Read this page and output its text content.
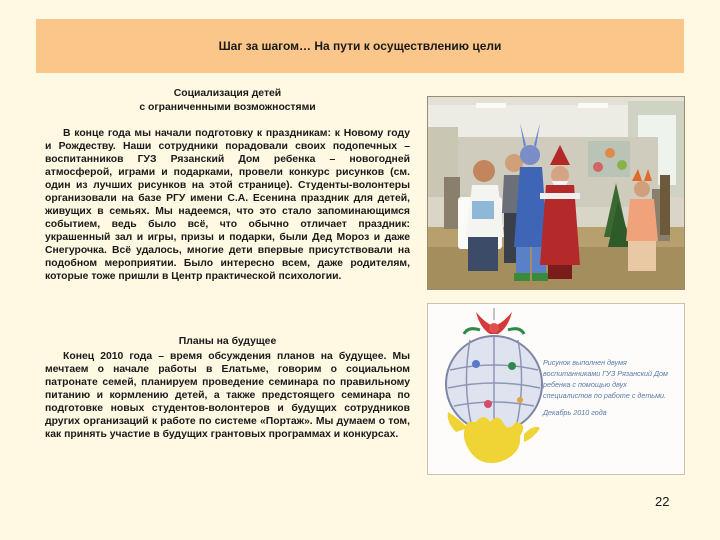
Шаг за шагом… На пути к осуществлению цели
Социализация детей
с ограниченными возможностями

В конце года мы начали подготовку к праздникам: к Новому году и Рождеству. Наши сотрудники порадовали своих подопечных – воспитанников ГУЗ Рязанский Дом ребенка – новогодней атмосферой, играми и подарками, провели конкурс рисунков (см. один из лучших рисунков на этой странице). Студенты-волонтеры организовали на базе РГУ имени С.А. Есенина праздник для детей, живущих в семьях. Мы надеемся, что это стало запоминающимся событием, ведь было всё, что обычно отличает праздник: украшенный зал и игры, призы и подарки, были Дед Мороз и даже Снегурочка. Всё удалось, многие дети впервые присутствовали на подобном мероприятии. Было интересно всем, даже родителям, которые тоже пришли в Центр практической психологии.

Планы на будущее

Конец 2010 года – время обсуждения планов на будущее. Мы мечтаем о начале работы в Елатьме, говорим о социальном патронате семей, планируем проведение семинара по правильному питанию и кормлению детей, а также предстоящего семинара по подготовке новых студентов-волонтеров и будущих сотрудников других организаций к работе по системе «Портаж». Мы думаем о том, как принять участие в будущих грантовых программах и конкурсах.

Рисунок выполнен двумя воспитанниками ГУЗ Рязанский Дом ребенка с помощью двух специалистов по работе с детьми.
Декабрь 2010 года
22
